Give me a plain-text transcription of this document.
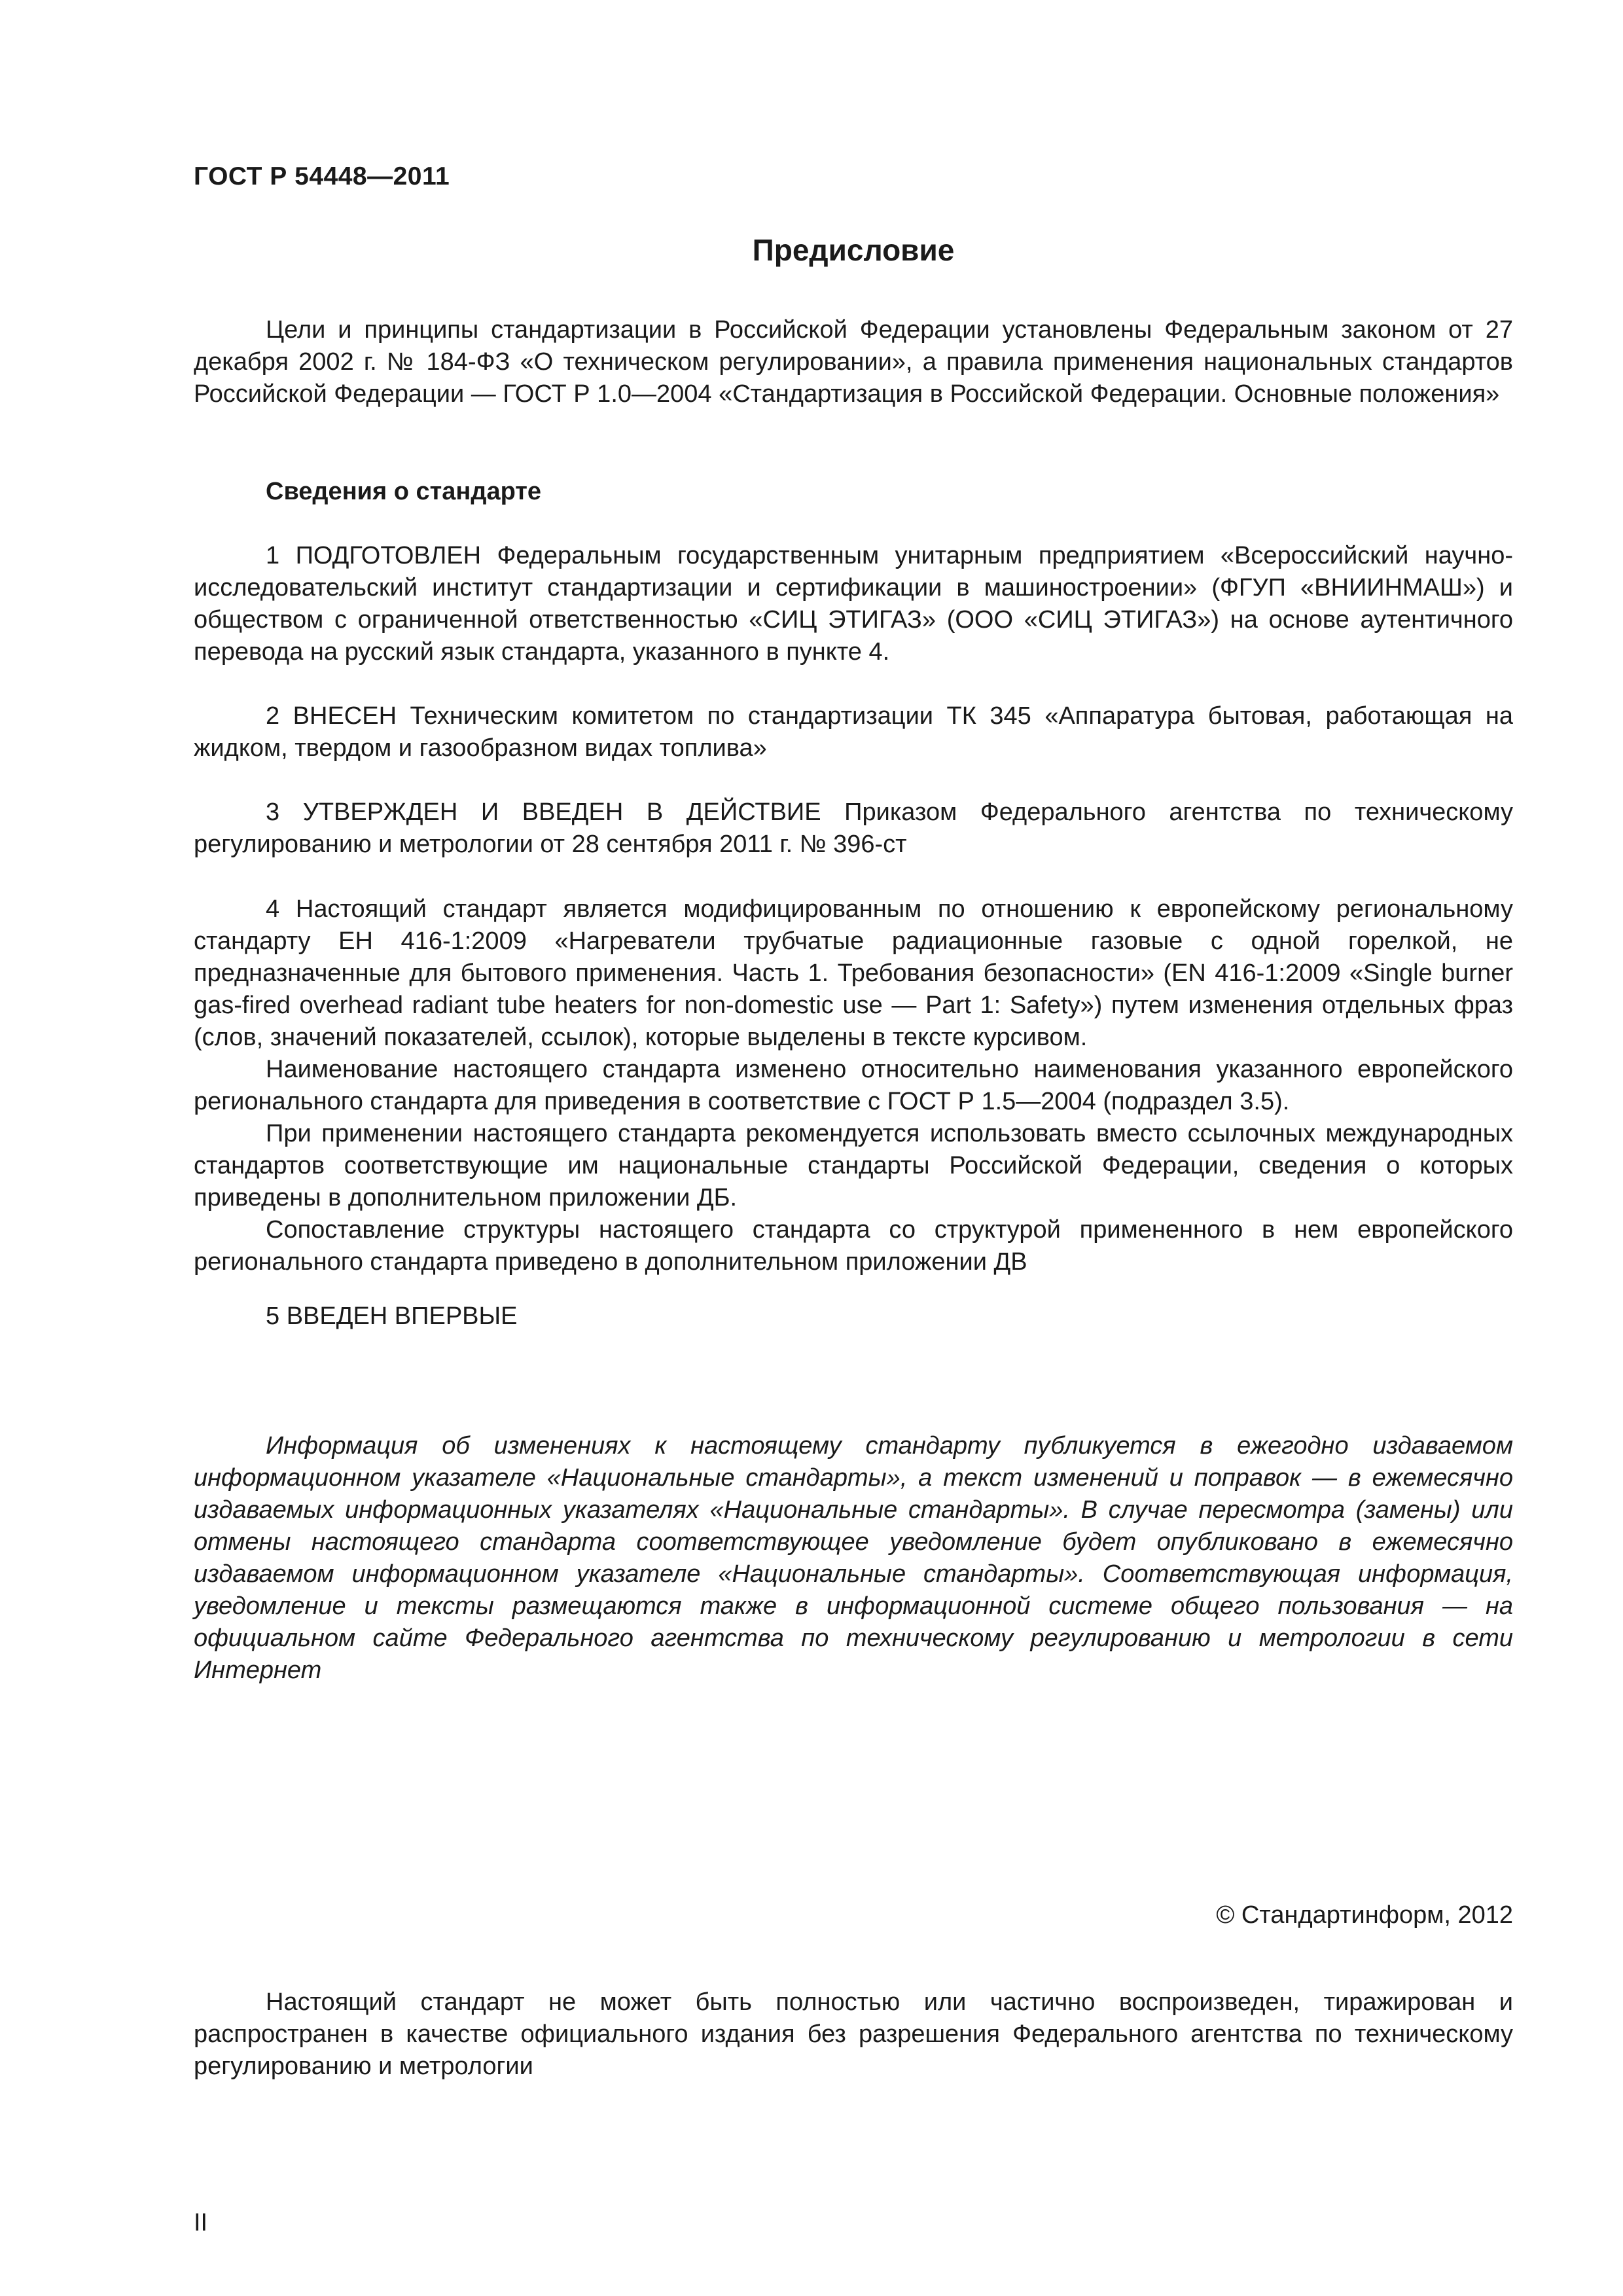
ГОСТ Р 54448—2011

Предисловие

Цели и принципы стандартизации в Российской Федерации установлены Федеральным законом от 27 декабря 2002 г. № 184-ФЗ «О техническом регулировании», а правила применения национальных стандартов Российской Федерации — ГОСТ Р 1.0—2004 «Стандартизация в Российской Федерации. Основные положения»

Сведения о стандарте

1 ПОДГОТОВЛЕН Федеральным государственным унитарным предприятием «Всероссийский научно-исследовательский институт стандартизации и сертификации в машиностроении» (ФГУП «ВНИИНМАШ») и обществом с ограниченной ответственностью «СИЦ ЭТИГАЗ» (ООО «СИЦ ЭТИГАЗ») на основе аутентичного перевода на русский язык стандарта, указанного в пункте 4.

2 ВНЕСЕН Техническим комитетом по стандартизации ТК 345 «Аппаратура бытовая, работающая на жидком, твердом и газообразном видах топлива»

3 УТВЕРЖДЕН И ВВЕДЕН В ДЕЙСТВИЕ Приказом Федерального агентства по техническому регулированию и метрологии от 28 сентября 2011 г. № 396-ст

4 Настоящий стандарт является модифицированным по отношению к европейскому региональному стандарту ЕН 416-1:2009 «Нагреватели трубчатые радиационные газовые с одной горелкой, не предназначенные для бытового применения. Часть 1. Требования безопасности» (EN 416-1:2009 «Single burner gas-fired overhead radiant tube heaters for non-domestic use — Part 1: Safety») путем изменения отдельных фраз (слов, значений показателей, ссылок), которые выделены в тексте курсивом.

Наименование настоящего стандарта изменено относительно наименования указанного европейского регионального стандарта для приведения в соответствие с ГОСТ Р 1.5—2004 (подраздел 3.5).

При применении настоящего стандарта рекомендуется использовать вместо ссылочных международных стандартов соответствующие им национальные стандарты Российской Федерации, сведения о которых приведены в дополнительном приложении ДБ.

Сопоставление структуры настоящего стандарта со структурой примененного в нем европейского регионального стандарта приведено в дополнительном приложении ДВ

5 ВВЕДЕН ВПЕРВЫЕ

Информация об изменениях к настоящему стандарту публикуется в ежегодно издаваемом информационном указателе «Национальные стандарты», а текст изменений и поправок — в ежемесячно издаваемых информационных указателях «Национальные стандарты». В случае пересмотра (замены) или отмены настоящего стандарта соответствующее уведомление будет опубликовано в ежемесячно издаваемом информационном указателе «Национальные стандарты». Соответствующая информация, уведомление и тексты размещаются также в информационной системе общего пользования — на официальном сайте Федерального агентства по техническому регулированию и метрологии в сети Интернет

© Стандартинформ, 2012

Настоящий стандарт не может быть полностью или частично воспроизведен, тиражирован и распространен в качестве официального издания без разрешения Федерального агентства по техническому регулированию и метрологии

II
